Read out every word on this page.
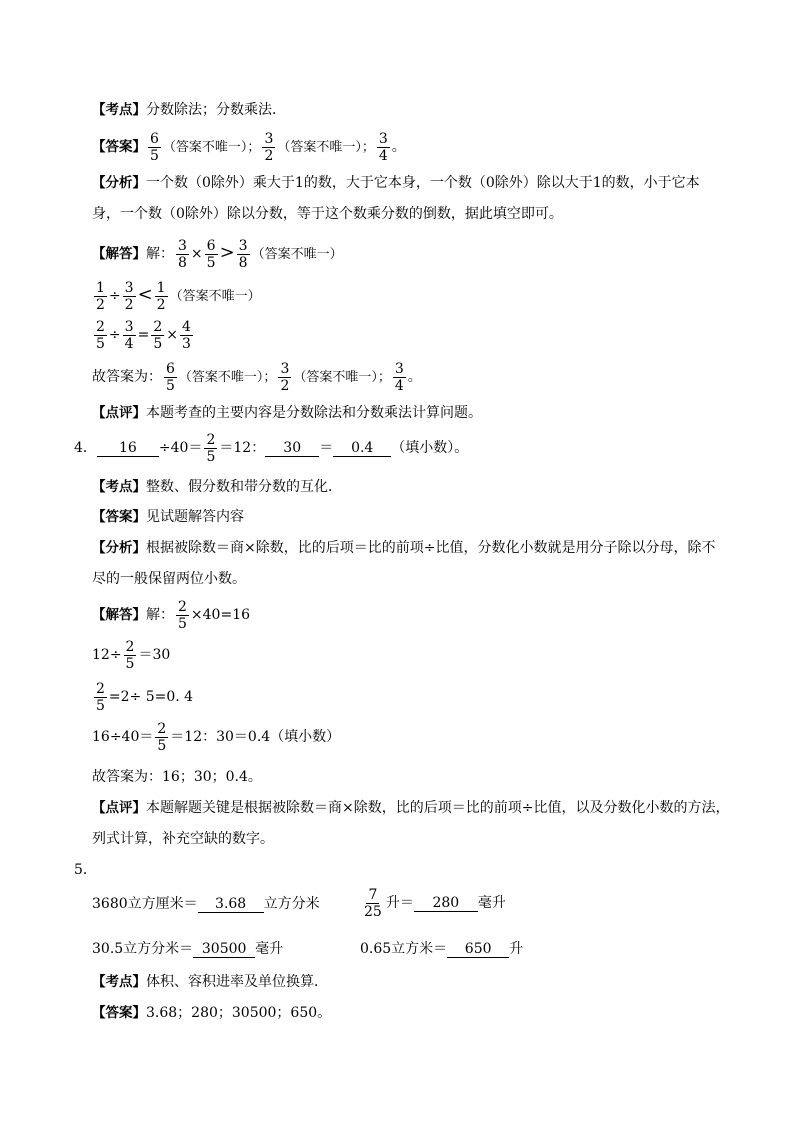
【考点】分数除法；分数乘法．
【答案】 $\frac{6}{5}$ （答案不唯一）； $\frac{3}{2}$ （答案不唯一）； $\frac{3}{4}$ 。
【分析】一个数（0除外）乘大于1的数，大于它本身，一个数（0除外）除以大于1的数，小于它本
身，一个数（0除外）除以分数，等于这个数乘分数的倒数，据此填空即可。
【解答】解： $\frac{3}{8} \times \frac{6}{5} > \frac{3}{8}$ （答案不唯一）
$\frac{1}{2} \div \frac{3}{2} < \frac{1}{2}$ （答案不唯一）
$\frac{2}{5} \div \frac{3}{4} = \frac{2}{5} \times \frac{4}{3}$
故答案为： $\frac{6}{5}$ （答案不唯一）； $\frac{3}{2}$ （答案不唯一）； $\frac{3}{4}$ 。
【点评】本题考查的主要内容是分数除法和分数乘法计算问题。
4． $16 \div 40= \frac{2}{5} =12$： 30 ＝ 0.4 （填小数）。
【考点】整数、假分数和带分数的互化．
【答案】见试题解答内容
【分析】根据被除数＝商×除数，比的后项＝比的前项÷比值，分数化小数就是用分子除以分母，除不
尽的一般保留两位小数。
【解答】解： $\frac{2}{5} \times 40=16$
$12\div \frac{2}{5} =30$
$\frac{2}{5} =2\div 5=0$. 4
$16\div 40= \frac{2}{5} =12$：30＝0.4（填小数）
故答案为：16；30；0.4。
【点评】本题解题关键是根据被除数＝商×除数，比的后项＝比的前项÷比值，以及分数化小数的方法，
列式计算，补充空缺的数字。
5．
3680立方厘米＝ 3.68 立方分米	$\frac{7}{25}$ 升＝ 280 毫升
30.5立方分米＝ 30500 毫升	0.65立方米＝ 650 升
【考点】体积、容积进率及单位换算．
【答案】3.68；280；30500；650。
